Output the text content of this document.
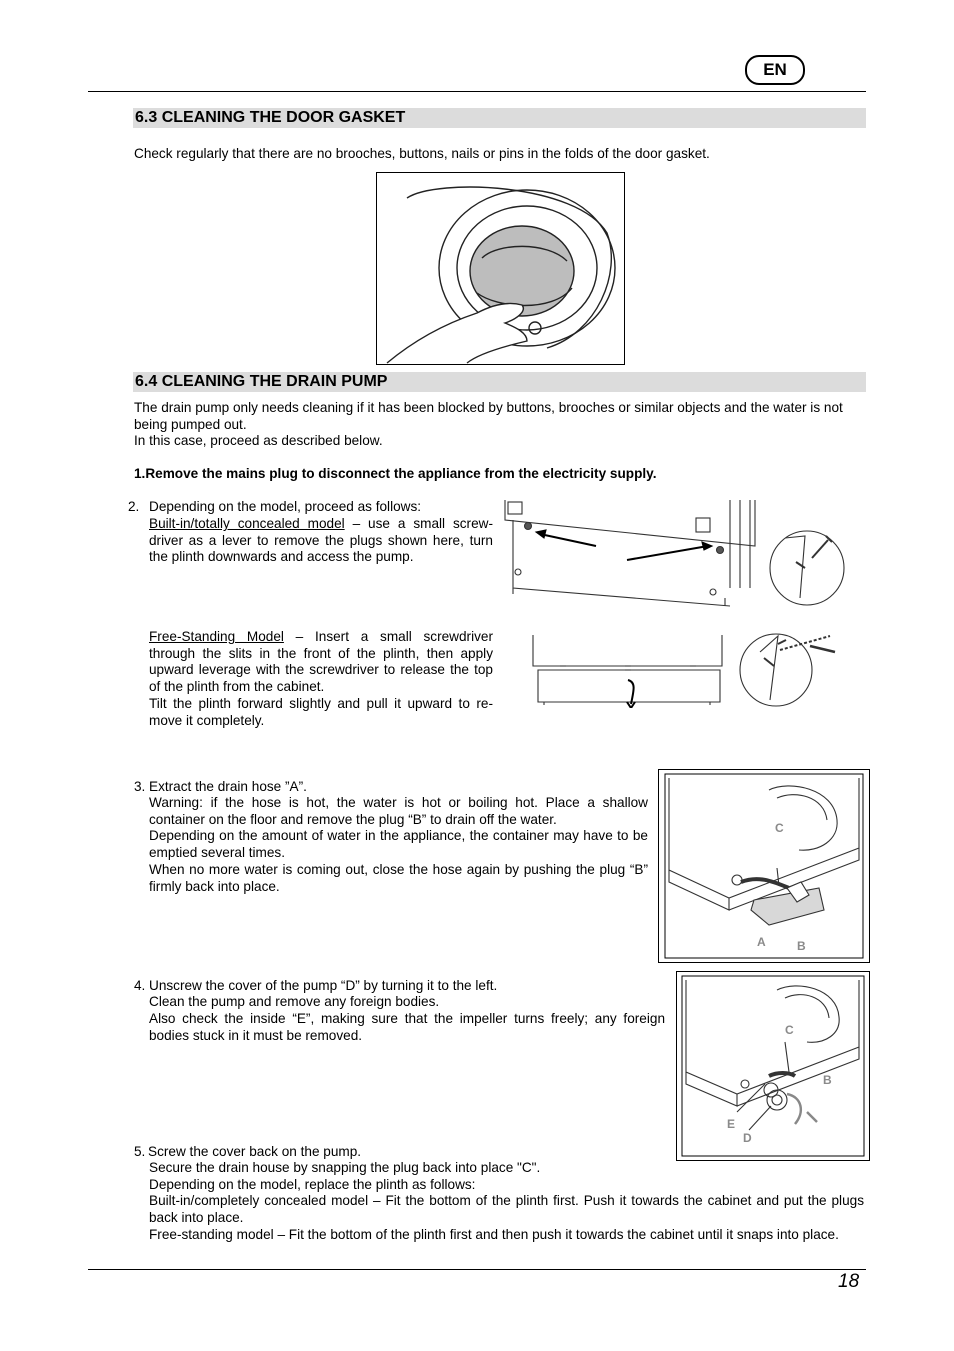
EN
6.3 CLEANING THE DOOR GASKET

Check regularly that there are no brooches, buttons, nails or pins in the folds of the door gasket.

6.4 CLEANING THE DRAIN PUMP

The drain pump only needs cleaning if it has been blocked by buttons, brooches or similar objects and the water is not being pumped out.

In this case, proceed as described below.

1.Remove the mains plug to disconnect the appliance from the electricity supply.
2. Depending on the model, proceed as follows:

Built-in/totally concealed model – use a small screw-driver as a lever to remove the plugs shown here, turn the plinth downwards and access the pump.

Free-Standing Model – Insert a small screwdriver through the slits in the front of the plinth, then apply upward leverage with the screwdriver to release the top of the plinth from the cabinet.

Tilt the plinth forward slightly and pull it upward to re-move it completely.

3. Extract the drain hose ”A”.

Warning: if the hose is hot, the water is hot or boiling hot. Place a shallow container on the floor and remove the plug “B” to drain off the water.

Depending on the amount of water in the appliance, the container may have to be emptied several times.

When no more water is coming out, close the hose again by pushing the plug “B” firmly back into place.

C
A	B
4. Unscrew the cover of the pump “D” by turning it to the left.

Clean the pump and remove any foreign bodies.

Also check the inside “E”, making sure that the impeller turns freely; any foreign bodies stuck in it must be removed.	C
B
E
D
5. Screw the cover back on the pump.

Secure the drain house by snapping the plug back into place "C".

Depending on the model, replace the plinth as follows:

Built-in/completely concealed model – Fit the bottom of the plinth first. Push it towards the cabinet and put the plugs back into place.

Free-standing model – Fit the bottom of the plinth first and then push it towards the cabinet until it snaps into place.

18
